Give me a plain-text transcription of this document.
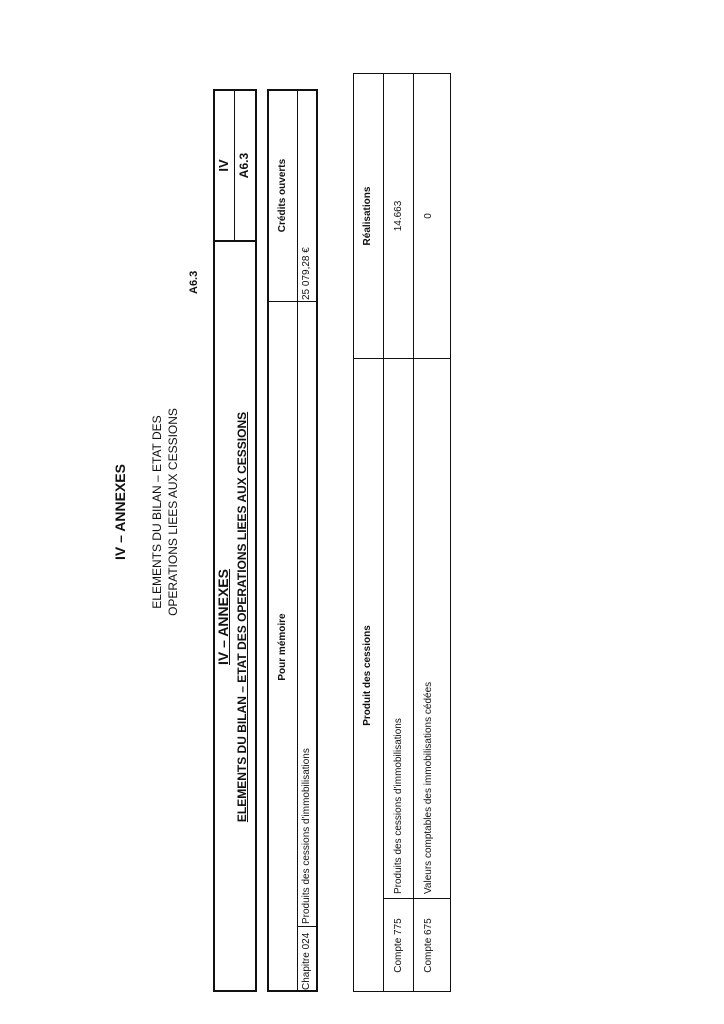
IV – ANNEXES ELEMENTS DU BILAN – ETAT DES OPERATIONS LIEES AUX CESSIONS
A6.3
IV – ANNEXES ELEMENTS DU BILAN – ETAT DES OPERATIONS LIEES AUX CESSIONS
IV A6.3
Pour mémoire
Crédits ouverts
Chapitre 024
Produits des cessions d'immobilisations
25 079,28 €
Produit des cessions
Réalisations
Compte 775
Produits des cessions d'immobilisations
14.663
Compte 675
Valeurs comptables des immobilisations cédées
0
